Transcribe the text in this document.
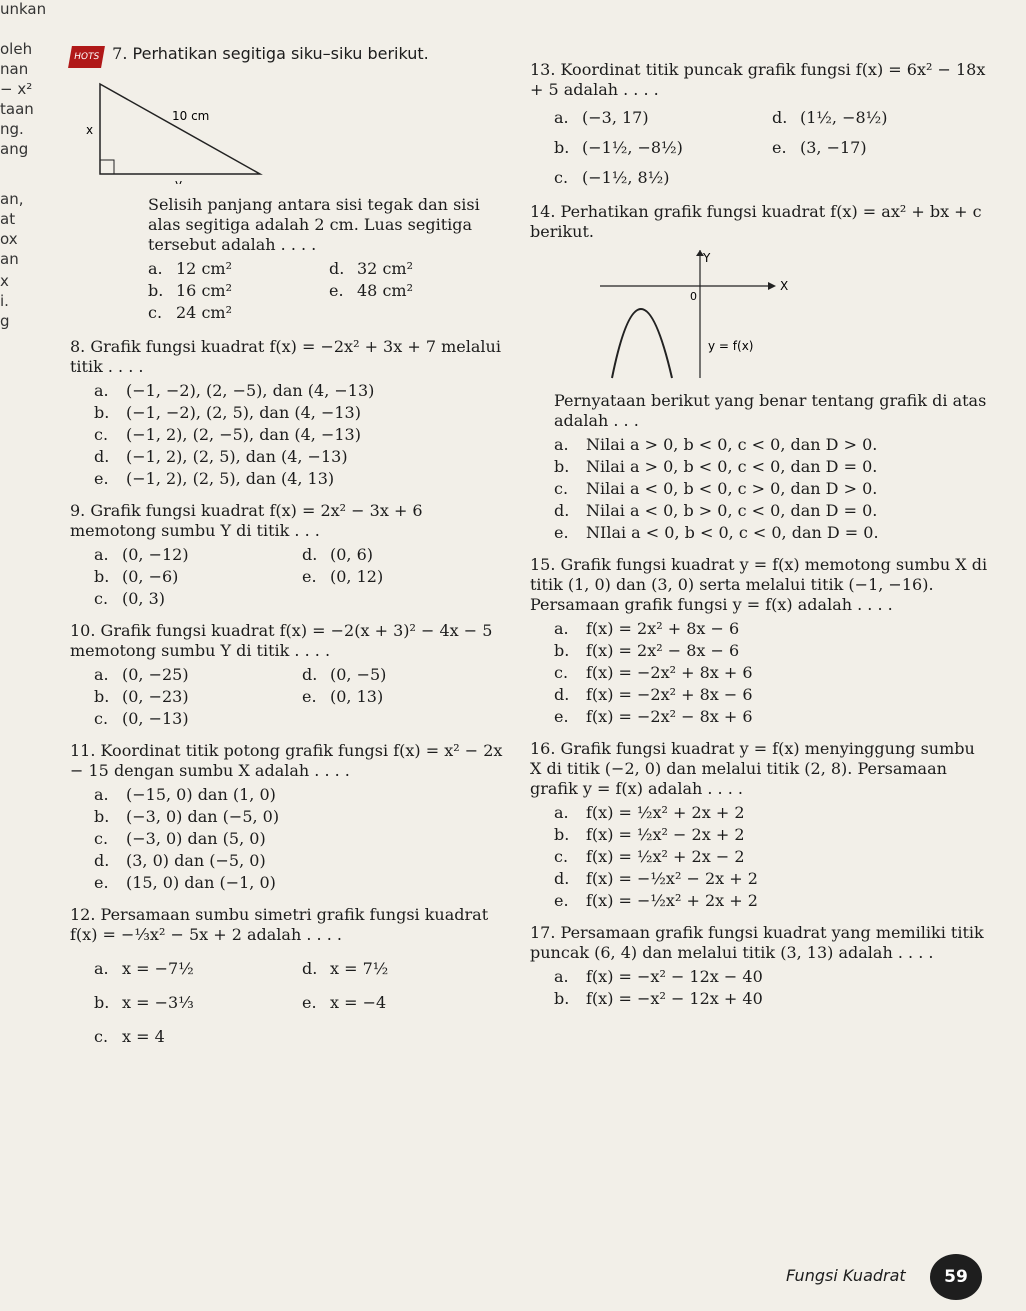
unkan
oleh
nan
− x²
taan
ng.
ang
an,
at
ox
an
x
i.
g
HOTS 7. Perhatikan segitiga siku–siku berikut.
10 cm
x
y
Selisih panjang antara sisi tegak dan sisi alas segitiga adalah 2 cm. Luas segitiga tersebut adalah . . . .
a. 12 cm²	d. 32 cm²
b. 16 cm²	e. 48 cm²
c. 24 cm²
8. Grafik fungsi kuadrat f(x) = −2x² + 3x + 7 melalui titik . . . .
a.	(−1, −2), (2, −5), dan (4, −13)
b.	(−1, −2), (2, 5), dan (4, −13)
c.	(−1, 2), (2, −5), dan (4, −13)
d.	(−1, 2), (2, 5), dan (4, −13)
e.	(−1, 2), (2, 5), dan (4, 13)
9. Grafik fungsi kuadrat f(x) = 2x² − 3x + 6 memotong sumbu Y di titik . . .
a. (0, −12)	d. (0, 6)
b. (0, −6)	e. (0, 12)
c. (0, 3)
10. Grafik fungsi kuadrat f(x) = −2(x + 3)² − 4x − 5 memotong sumbu Y di titik . . . .
a. (0, −25)	d. (0, −5)
b. (0, −23)	e. (0, 13)
c. (0, −13)
11. Koordinat titik potong grafik fungsi f(x) = x² − 2x − 15 dengan sumbu X adalah . . . .
a.	(−15, 0) dan (1, 0)
b.	(−3, 0) dan (−5, 0)
c.	(−3, 0) dan (5, 0)
d.	(3, 0) dan (−5, 0)
e.	(15, 0) dan (−1, 0)
12. Persamaan sumbu simetri grafik fungsi kuadrat f(x) = −⅓x² − 5x + 2 adalah . . . .
a. x = −7½	d. x = 7½
b. x = −3⅓	e. x = −4
c. x = 4
13. Koordinat titik puncak grafik fungsi f(x) = 6x² − 18x + 5 adalah . . . .
a. (−3, 17)	d. (1½, −8½)
b. (−1½, −8½)	e. (3, −17)
c. (−1½, 8½)
14. Perhatikan grafik fungsi kuadrat f(x) = ax² + bx + c berikut.
Y
X
0
y = f(x)
Pernyataan berikut yang benar tentang grafik di atas adalah . . .
a.	Nilai a > 0, b < 0, c < 0, dan D > 0.
b.	Nilai a > 0, b < 0, c < 0, dan D = 0.
c.	Nilai a < 0, b < 0, c > 0, dan D > 0.
d.	Nilai a < 0, b > 0, c < 0, dan D = 0.
e.	NIlai a < 0, b < 0, c < 0, dan D = 0.
15. Grafik fungsi kuadrat y = f(x) memotong sumbu X di titik (1, 0) dan (3, 0) serta melalui titik (−1, −16). Persamaan grafik fungsi y = f(x) adalah . . . .
a.	f(x) = 2x² + 8x − 6
b.	f(x) = 2x² − 8x − 6
c.	f(x) = −2x² + 8x + 6
d.	f(x) = −2x² + 8x − 6
e.	f(x) = −2x² − 8x + 6
16. Grafik fungsi kuadrat y = f(x) menyinggung sumbu X di titik (−2, 0) dan melalui titik (2, 8). Persamaan grafik y = f(x) adalah . . . .
a.	f(x) = ½x² + 2x + 2
b.	f(x) = ½x² − 2x + 2
c.	f(x) = ½x² + 2x − 2
d.	f(x) = −½x² − 2x + 2
e.	f(x) = −½x² + 2x + 2
17. Persamaan grafik fungsi kuadrat yang memiliki titik puncak (6, 4) dan melalui titik (3, 13) adalah . . . .
a.	f(x) = −x² − 12x − 40
b.	f(x) = −x² − 12x + 40
Fungsi Kuadrat	59
